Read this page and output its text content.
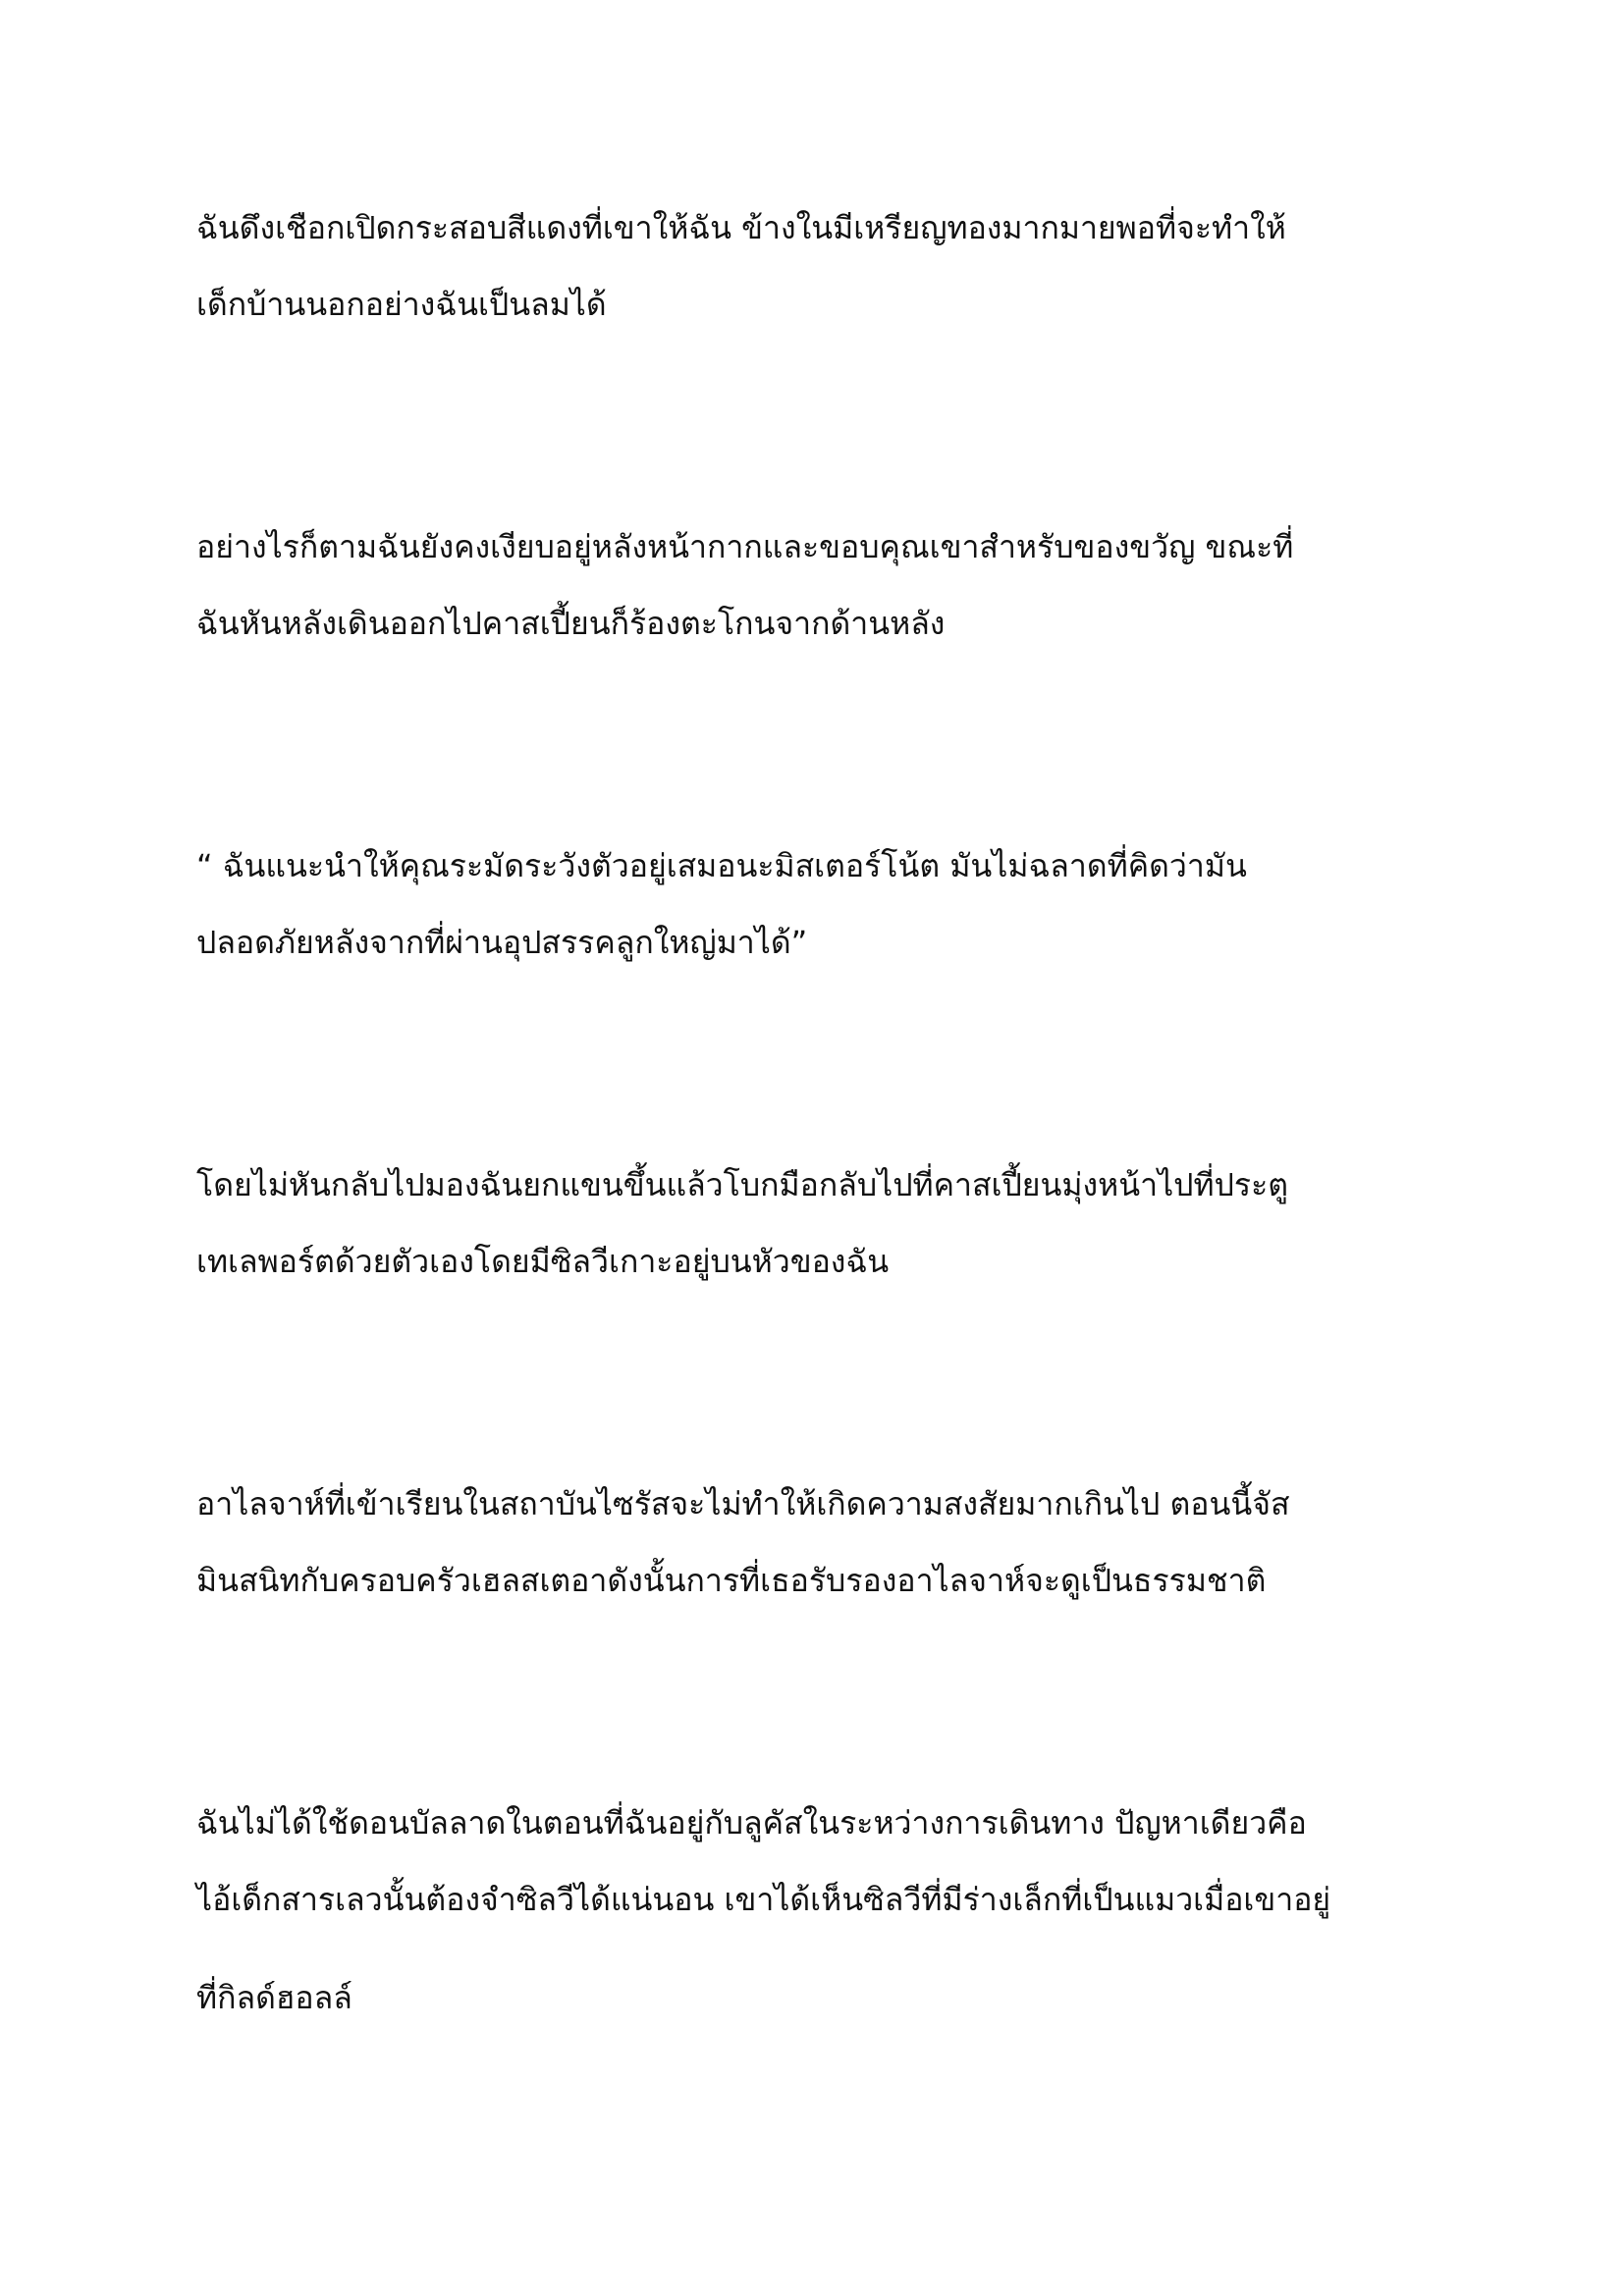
ฉันดึงเชือกเปิดกระสอบสีแดงที่เขาให้ฉัน ข้างในมีเหรียญทองมากมายพอที่จะทำให้
เด็กบ้านนอกอย่างฉันเป็นลมได้
อย่างไรก็ตามฉันยังคงเงียบอยู่หลังหน้ากากและขอบคุณเขาสำหรับของขวัญ ขณะที่
ฉันหันหลังเดินออกไปคาสเปี้ยนก็ร้องตะโกนจากด้านหลัง
“ ฉันแนะนำให้คุณระมัดระวังตัวอยู่เสมอนะมิสเตอร์โน้ต มันไม่ฉลาดที่คิดว่ามัน
ปลอดภัยหลังจากที่ผ่านอุปสรรคลูกใหญ่มาได้”
โดยไม่หันกลับไปมองฉันยกแขนขึ้นแล้วโบกมือกลับไปที่คาสเปี้ยนมุ่งหน้าไปที่ประตู
เทเลพอร์ตด้วยตัวเองโดยมีซิลวีเกาะอยู่บนหัวของฉัน
อาไลจาห์ที่เข้าเรียนในสถาบันไซรัสจะไม่ทำให้เกิดความสงสัยมากเกินไป ตอนนี้จัส
มินสนิทกับครอบครัวเฮลสเตอาดังนั้นการที่เธอรับรองอาไลจาห์จะดูเป็นธรรมชาติ
ฉันไม่ได้ใช้ดอนบัลลาดในตอนที่ฉันอยู่กับลูคัสในระหว่างการเดินทาง ปัญหาเดียวคือ
ไอ้เด็กสารเลวนั้นต้องจำซิลวีได้แน่นอน เขาได้เห็นซิลวีที่มีร่างเล็กที่เป็นแมวเมื่อเขาอยู่
ที่กิลด์ฮอลล์
